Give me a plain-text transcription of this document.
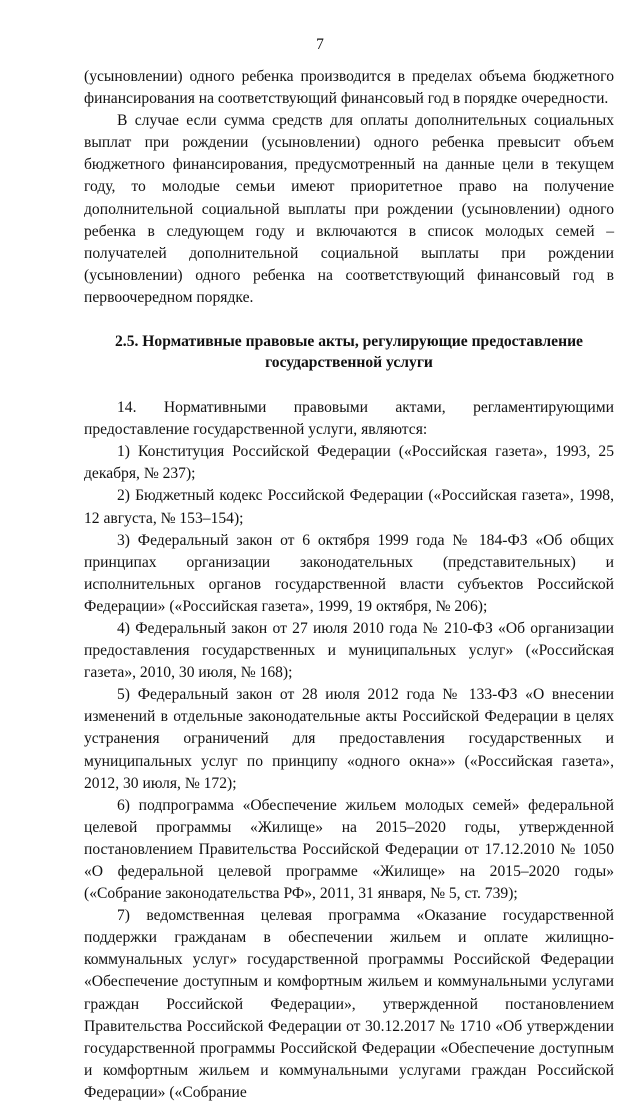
7

(усыновлении) одного ребенка производится в пределах объема бюджетного финансирования на соответствующий финансовый год в порядке очередности.

В случае если сумма средств для оплаты дополнительных социальных выплат при рождении (усыновлении) одного ребенка превысит объем бюджетного финансирования, предусмотренный на данные цели в текущем году, то молодые семьи имеют приоритетное право на получение дополнительной социальной выплаты при рождении (усыновлении) одного ребенка в следующем году и включаются в список молодых семей – получателей дополнительной социальной выплаты при рождении (усыновлении) одного ребенка на соответствующий финансовый год в первоочередном порядке.

2.5. Нормативные правовые акты, регулирующие предоставление государственной услуги

14. Нормативными правовыми актами, регламентирующими предоставление государственной услуги, являются:

1) Конституция Российской Федерации («Российская газета», 1993, 25 декабря, № 237);

2) Бюджетный кодекс Российской Федерации («Российская газета», 1998, 12 августа, № 153–154);

3) Федеральный закон от 6 октября 1999 года № 184-ФЗ «Об общих принципах организации законодательных (представительных) и исполнительных органов государственной власти субъектов Российской Федерации» («Российская газета», 1999, 19 октября, № 206);

4) Федеральный закон от 27 июля 2010 года № 210-ФЗ «Об организации предоставления государственных и муниципальных услуг» («Российская газета», 2010, 30 июля, № 168);

5) Федеральный закон от 28 июля 2012 года № 133-ФЗ «О внесении изменений в отдельные законодательные акты Российской Федерации в целях устранения ограничений для предоставления государственных и муниципальных услуг по принципу «одного окна»» («Российская газета», 2012, 30 июля, № 172);

6) подпрограмма «Обеспечение жильем молодых семей» федеральной целевой программы «Жилище» на 2015–2020 годы, утвержденной постановлением Правительства Российской Федерации от 17.12.2010 № 1050 «О федеральной целевой программе «Жилище» на 2015–2020 годы» («Собрание законодательства РФ», 2011, 31 января, № 5, ст. 739);

7) ведомственная целевая программа «Оказание государственной поддержки гражданам в обеспечении жильем и оплате жилищно-коммунальных услуг» государственной программы Российской Федерации «Обеспечение доступным и комфортным жильем и коммунальными услугами граждан Российской Федерации», утвержденной постановлением Правительства Российской Федерации от 30.12.2017 № 1710 «Об утверждении государственной программы Российской Федерации «Обеспечение доступным и комфортным жильем и коммунальными услугами граждан Российской Федерации» («Собрание
